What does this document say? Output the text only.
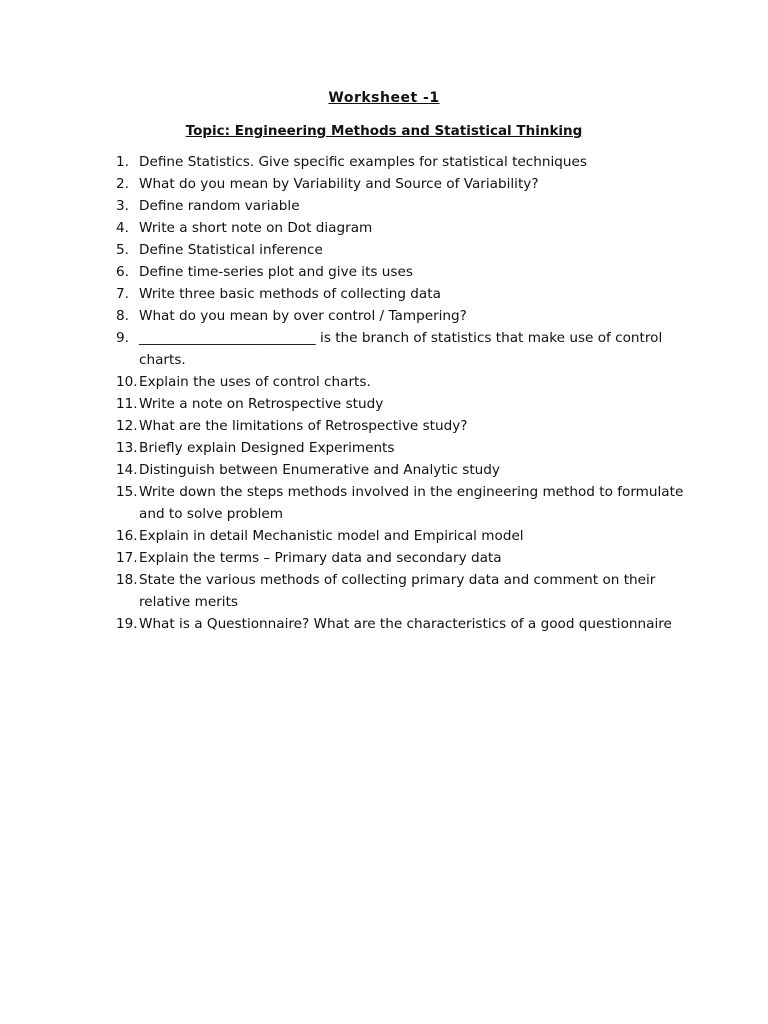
Worksheet -1
Topic: Engineering Methods and Statistical Thinking
1. Define Statistics. Give specific examples for statistical techniques
2. What do you mean by Variability and Source of Variability?
3. Define random variable
4. Write a short note on Dot diagram
5. Define Statistical inference
6. Define time-series plot and give its uses
7. Write three basic methods of collecting data
8. What do you mean by over control / Tampering?
9. __________________________ is the branch of statistics that make use of control charts.
10. Explain the uses of control charts.
11. Write a note on Retrospective study
12. What are the limitations of Retrospective study?
13. Briefly explain Designed Experiments
14. Distinguish between Enumerative and Analytic study
15. Write down the steps methods involved in the engineering method to formulate and to solve problem
16. Explain in detail Mechanistic model and Empirical model
17. Explain the terms – Primary data and secondary data
18. State the various methods of collecting primary data and comment on their relative merits
19. What is a Questionnaire? What are the characteristics of a good questionnaire
